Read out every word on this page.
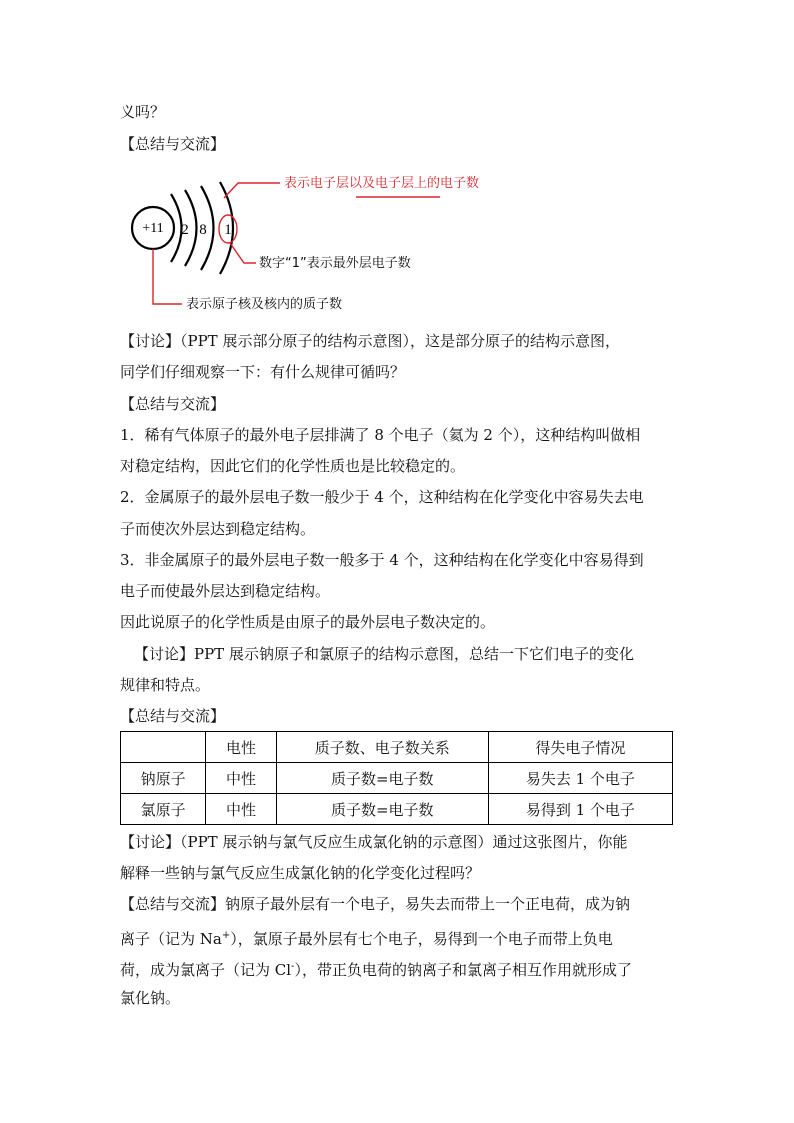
义吗？
【总结与交流】
+11 2 8 1
表示电子层以及电子层上的电子数
数字“1”表示最外层电子数
表示原子核及核内的质子数
【讨论】（PPT 展示部分原子的结构示意图），这是部分原子的结构示意图，
同学们仔细观察一下：有什么规律可循吗？
【总结与交流】
1．稀有气体原子的最外电子层排满了 8 个电子（氦为 2 个），这种结构叫做相
对稳定结构，因此它们的化学性质也是比较稳定的。
2．金属原子的最外层电子数一般少于 4 个，这种结构在化学变化中容易失去电
子而使次外层达到稳定结构。
3．非金属原子的最外层电子数一般多于 4 个，这种结构在化学变化中容易得到
电子而使最外层达到稳定结构。
因此说原子的化学性质是由原子的最外层电子数决定的。
【讨论】PPT 展示钠原子和氯原子的结构示意图，总结一下它们电子的变化
规律和特点。
【总结与交流】
	电性	质子数、电子数关系	得失电子情况
钠原子	中性	质子数=电子数	易失去 1 个电子
氯原子	中性	质子数=电子数	易得到 1 个电子
【讨论】（PPT 展示钠与氯气反应生成氯化钠的示意图）通过这张图片，你能
解释一些钠与氯气反应生成氯化钠的化学变化过程吗？
【总结与交流】钠原子最外层有一个电子，易失去而带上一个正电荷，成为钠
离子（记为 Na+），氯原子最外层有七个电子，易得到一个电子而带上负电
荷，成为氯离子（记为 Cl-），带正负电荷的钠离子和氯离子相互作用就形成了
氯化钠。
